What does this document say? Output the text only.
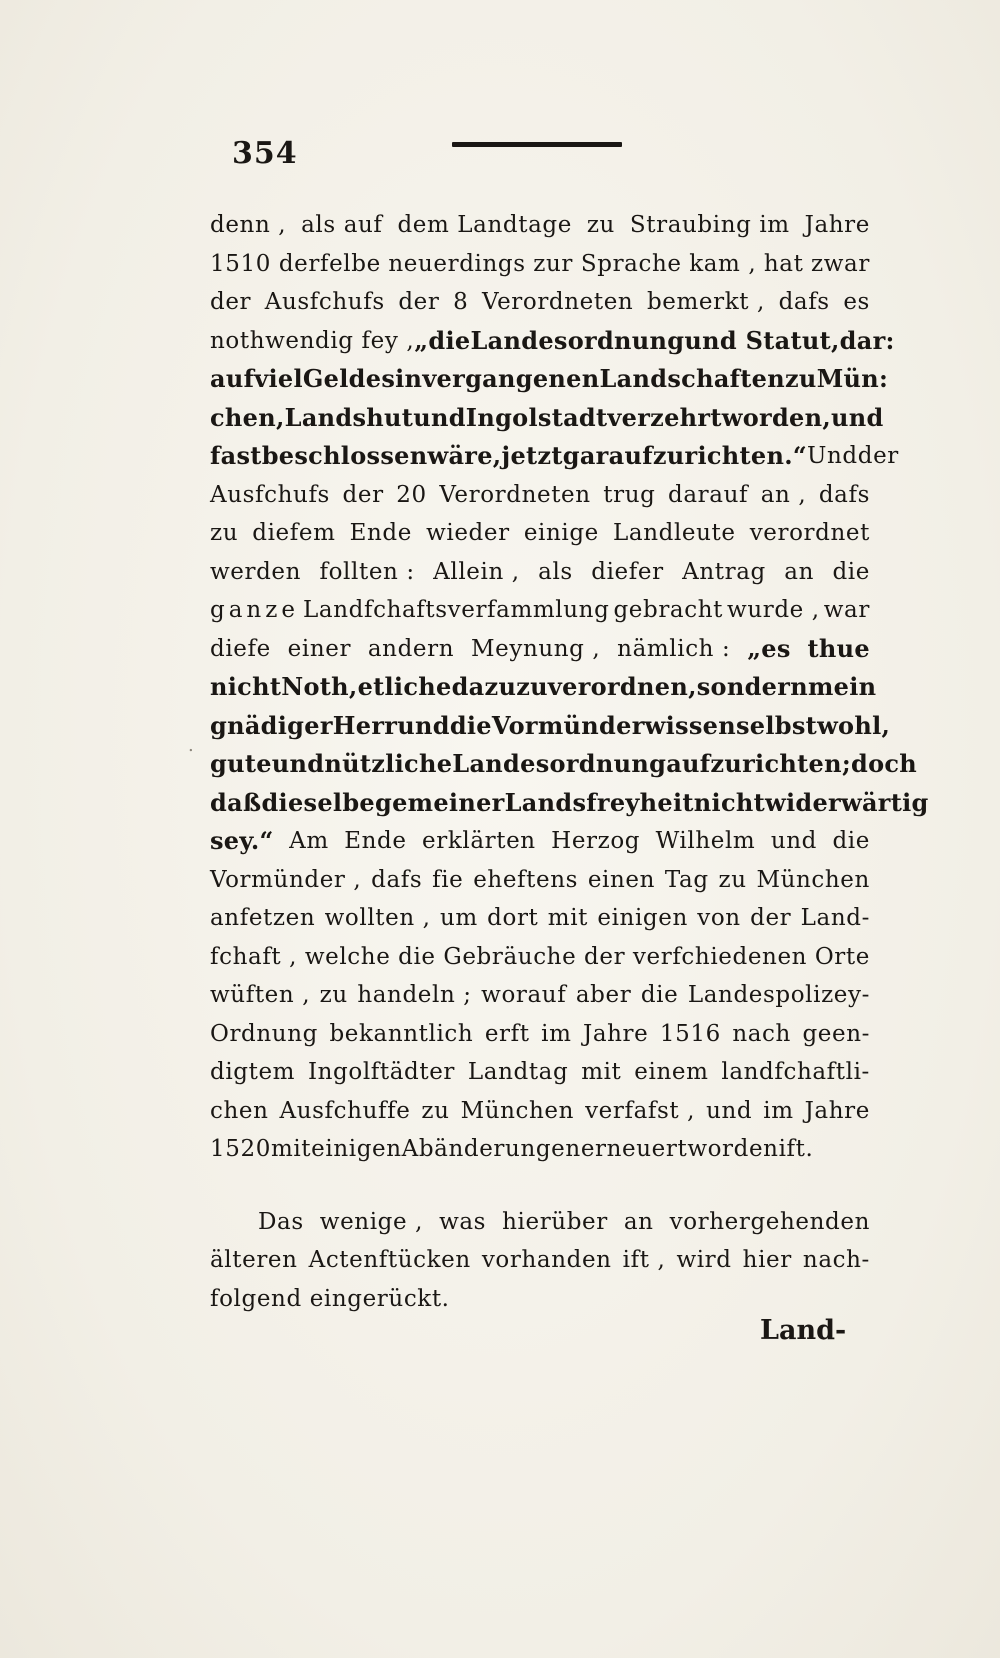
354
.
denn , als auf dem Landtage zu Straubing im Jahre
1510 derfelbe neuerdings zur Sprache kam , hat zwar
der Ausfchufs der 8 Verordneten bemerkt , dafs es
nothwendig fey , „die Landesordnung und Statut, dar:
auf viel Geldes in vergangenen Landschaften zu Mün:
chen, Landshut und Ingolstadt verzehrt worden, und
fast beschlossen wäre, jetzt gar aufzurichten.“ Und der
Ausfchufs der 20 Verordneten trug darauf an , dafs
zu diefem Ende wieder einige Landleute verordnet
werden follten : Allein , als diefer Antrag an die
ganze Landfchaftsverfammlung gebracht wurde , war
diefe einer andern Meynung , nämlich : „es thue
nicht Noth, etliche dazu zu verordnen, sondern mein
gnädiger Herr und die Vormünder wissen selbst wohl,
gute und nützliche Landesordnung aufzurichten; doch
daß dieselbe gemeiner Landsfreyheit nicht widerwärtig
sey.“ Am Ende erklärten Herzog Wilhelm und die
Vormünder , dafs fie eheftens einen Tag zu München
anfetzen wollten , um dort mit einigen von der Land-
fchaft , welche die Gebräuche der verfchiedenen Orte
wüften , zu handeln ; worauf aber die Landespolizey-
Ordnung bekanntlich erft im Jahre 1516 nach geen-
digtem Ingolftädter Landtag mit einem landfchaftli-
chen Ausfchuffe zu München verfafst , und im Jahre
1520 mit einigen Abänderungen erneuert worden ift.
Das wenige , was hierüber an vorhergehenden
älteren Actenftücken vorhanden ift , wird hier nach-
folgend eingerückt.
Land-
